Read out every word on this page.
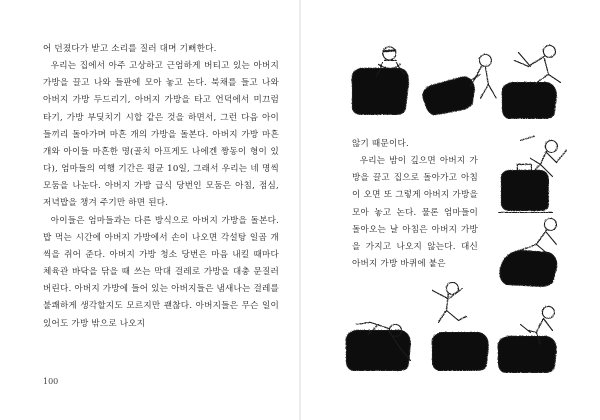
어 던졌다가 받고 소리를 질러 대며 기뻐한다.

우리는 집에서 아주 고상하고 근엄하게 버티고 있는 아버지 가방을 끌고 나와 들판에 모아 놓고 논다. 북채를 들고 나와 아버지 가방 두드리기, 아버지 가방을 타고 언덕에서 미끄럼 타기, 가방 부딪치기 시합 같은 것을 하면서, 그런 다음 아이들끼리 돌아가며 마흔 개의 가방을 돌본다. 아버지 가방 마흔 개와 아이들 마흔한 명(골치 아프게도 나에겐 짱동이 형이 있다), 엄마들의 여행 기간은 평균 10일, 그래서 우리는 네 명씩 모둠을 나눈다. 아버지 가방 급식 당번인 모둠은 아침, 점심, 저녁밥을 챙겨 주기만 하면 된다.

아이들은 엄마들과는 다른 방식으로 아버지 가방을 돌본다. 밥 먹는 시간에 아버지 가방에서 손이 나오면 각설탕 일곱 개씩을 쥐어 준다. 아버지 가방 청소 당번은 마음 내킬 때마다 체육관 바닥을 닦을 때 쓰는 막대 걸레로 가방을 대충 문질러 버린다. 아버지 가방에 들어 있는 아버지들은 냄새나는 걸레를 불쾌하게 생각할지도 모르지만 괜찮다. 아버지들은 무슨 일이 있어도 가방 밖으로 나오지

100

않기 때문이다.

우리는 밤이 깊으면 아버지 가방을 끌고 집으로 돌아가고 아침이 오면 또 그렇게 아버지 가방을 모아 놓고 논다. 물론 엄마들이 돌아오는 날 아침은 아버지 가방을 가지고 나오지 않는다. 대신 아버지 가방 바퀴에 붙은
